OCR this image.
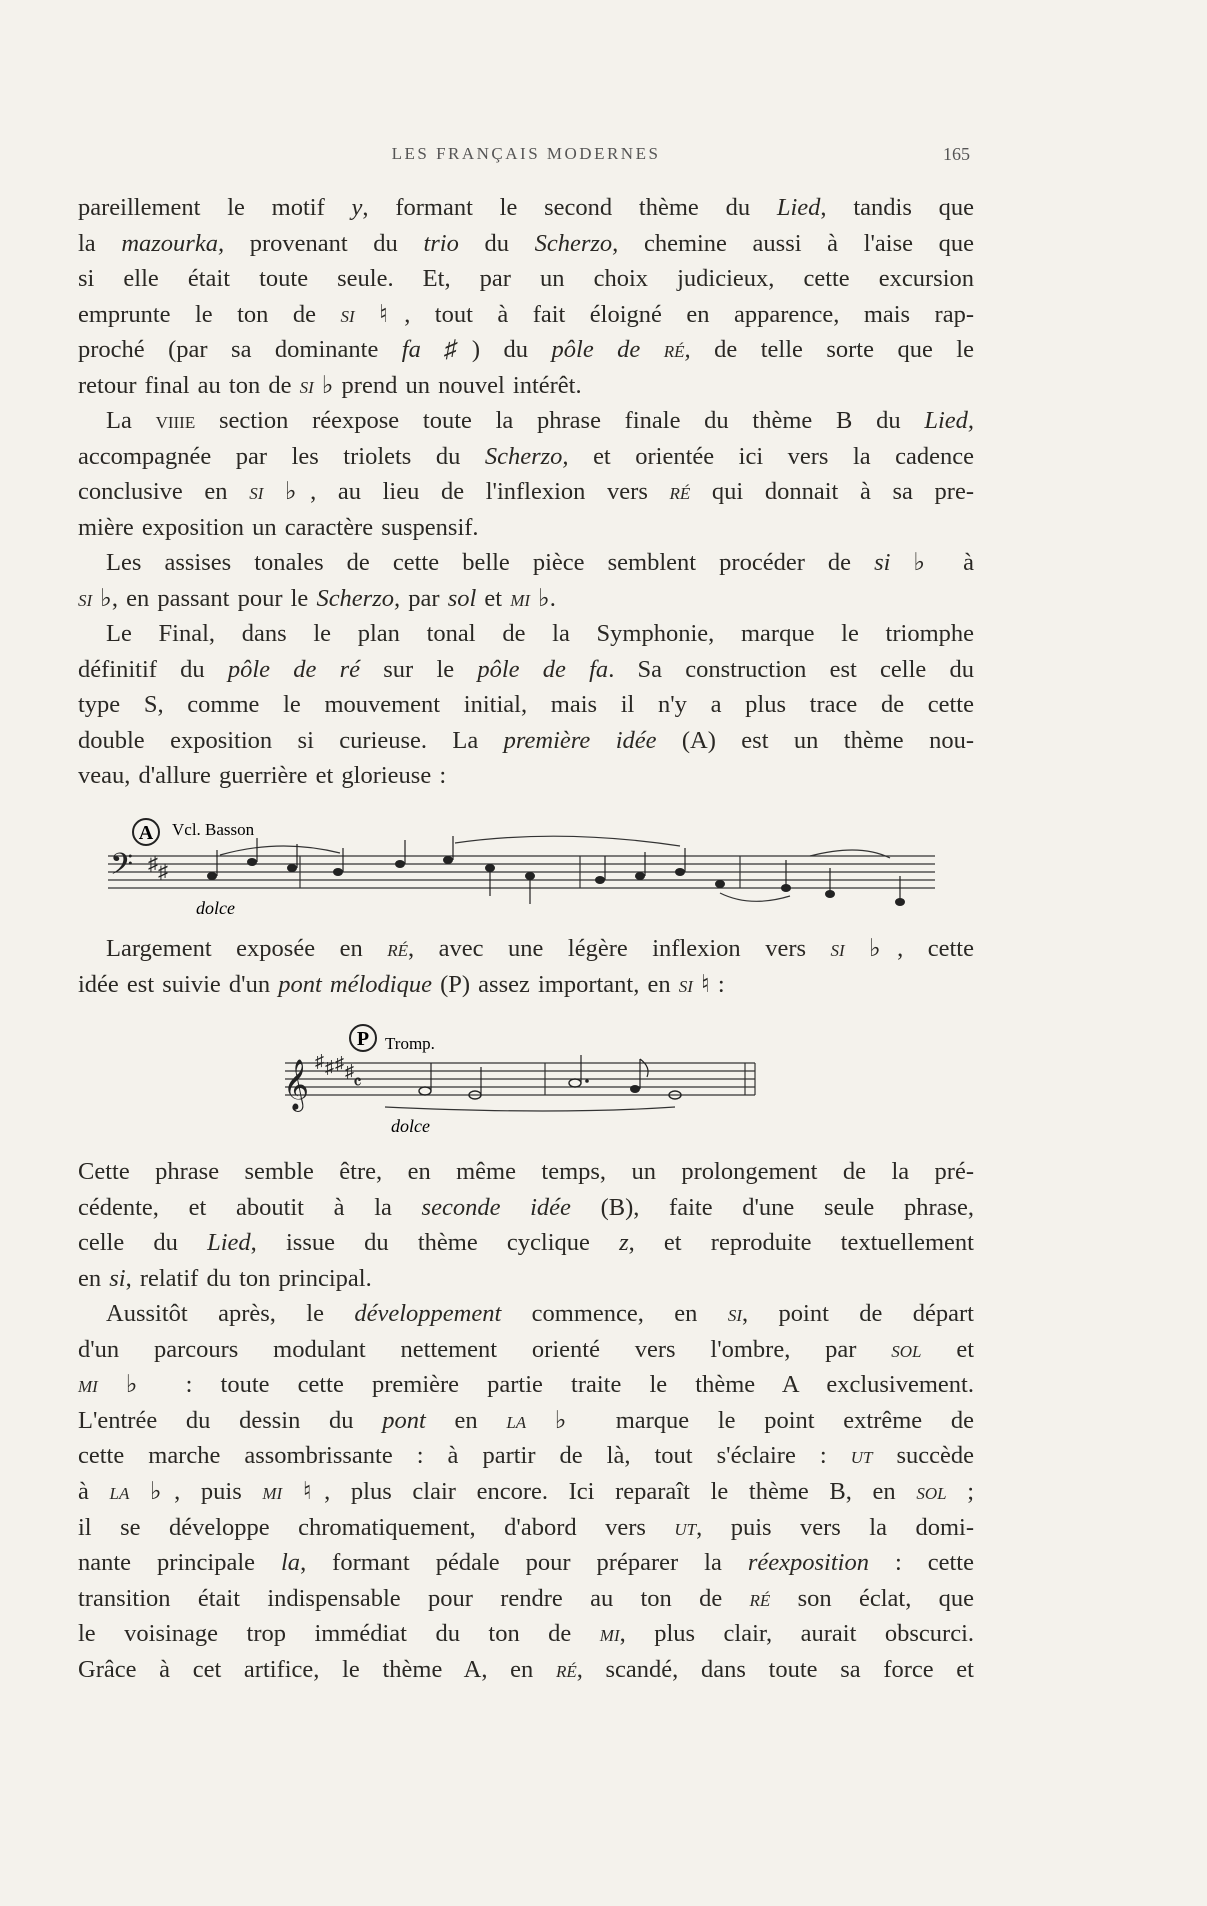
LES FRANÇAIS MODERNES	165

pareillement le motif y, formant le second thème du Lied, tandis que

la mazourka, provenant du trio du Scherzo, chemine aussi à l'aise que

si elle était toute seule. Et, par un choix judicieux, cette excursion

emprunte le ton de si ♮, tout à fait éloigné en apparence, mais rap-

proché (par sa dominante fa ♯) du pôle de ré, de telle sorte que le

retour final au ton de si ♭ prend un nouvel intérêt.

La viiie section réexpose toute la phrase finale du thème B du Lied,

accompagnée par les triolets du Scherzo, et orientée ici vers la cadence

conclusive en si ♭, au lieu de l'inflexion vers ré qui donnait à sa pre-

mière exposition un caractère suspensif.

Les assises tonales de cette belle pièce semblent procéder de si ♭ à

si ♭, en passant pour le Scherzo, par sol et mi ♭.

Le Final, dans le plan tonal de la Symphonie, marque le triomphe

définitif du pôle de ré sur le pôle de fa. Sa construction est celle du

type S, comme le mouvement initial, mais il n'y a plus trace de cette

double exposition si curieuse. La première idée (A) est un thème nou-

veau, d'allure guerrière et glorieuse :

𝄢 ♯ ♯
A Vcl. Basson
dolce

Largement exposée en ré, avec une légère inflexion vers si ♭, cette

idée est suivie d'un pont mélodique (P) assez important, en si ♮ :

𝄞 ♯ ♯ ♯ ♯
𝄴
P Tromp.
dolce

Cette phrase semble être, en même temps, un prolongement de la pré-

cédente, et aboutit à la seconde idée (B), faite d'une seule phrase,

celle du Lied, issue du thème cyclique z, et reproduite textuellement

en si, relatif du ton principal.

Aussitôt après, le développement commence, en si, point de départ

d'un parcours modulant nettement orienté vers l'ombre, par sol et

mi ♭ : toute cette première partie traite le thème A exclusivement.

L'entrée du dessin du pont en la ♭ marque le point extrême de

cette marche assombrissante : à partir de là, tout s'éclaire : ut succède

à la ♭, puis mi ♮, plus clair encore. Ici reparaît le thème B, en sol ;

il se développe chromatiquement, d'abord vers ut, puis vers la domi-

nante principale la, formant pédale pour préparer la réexposition : cette

transition était indispensable pour rendre au ton de ré son éclat, que

le voisinage trop immédiat du ton de mi, plus clair, aurait obscurci.

Grâce à cet artifice, le thème A, en ré, scandé, dans toute sa force et
